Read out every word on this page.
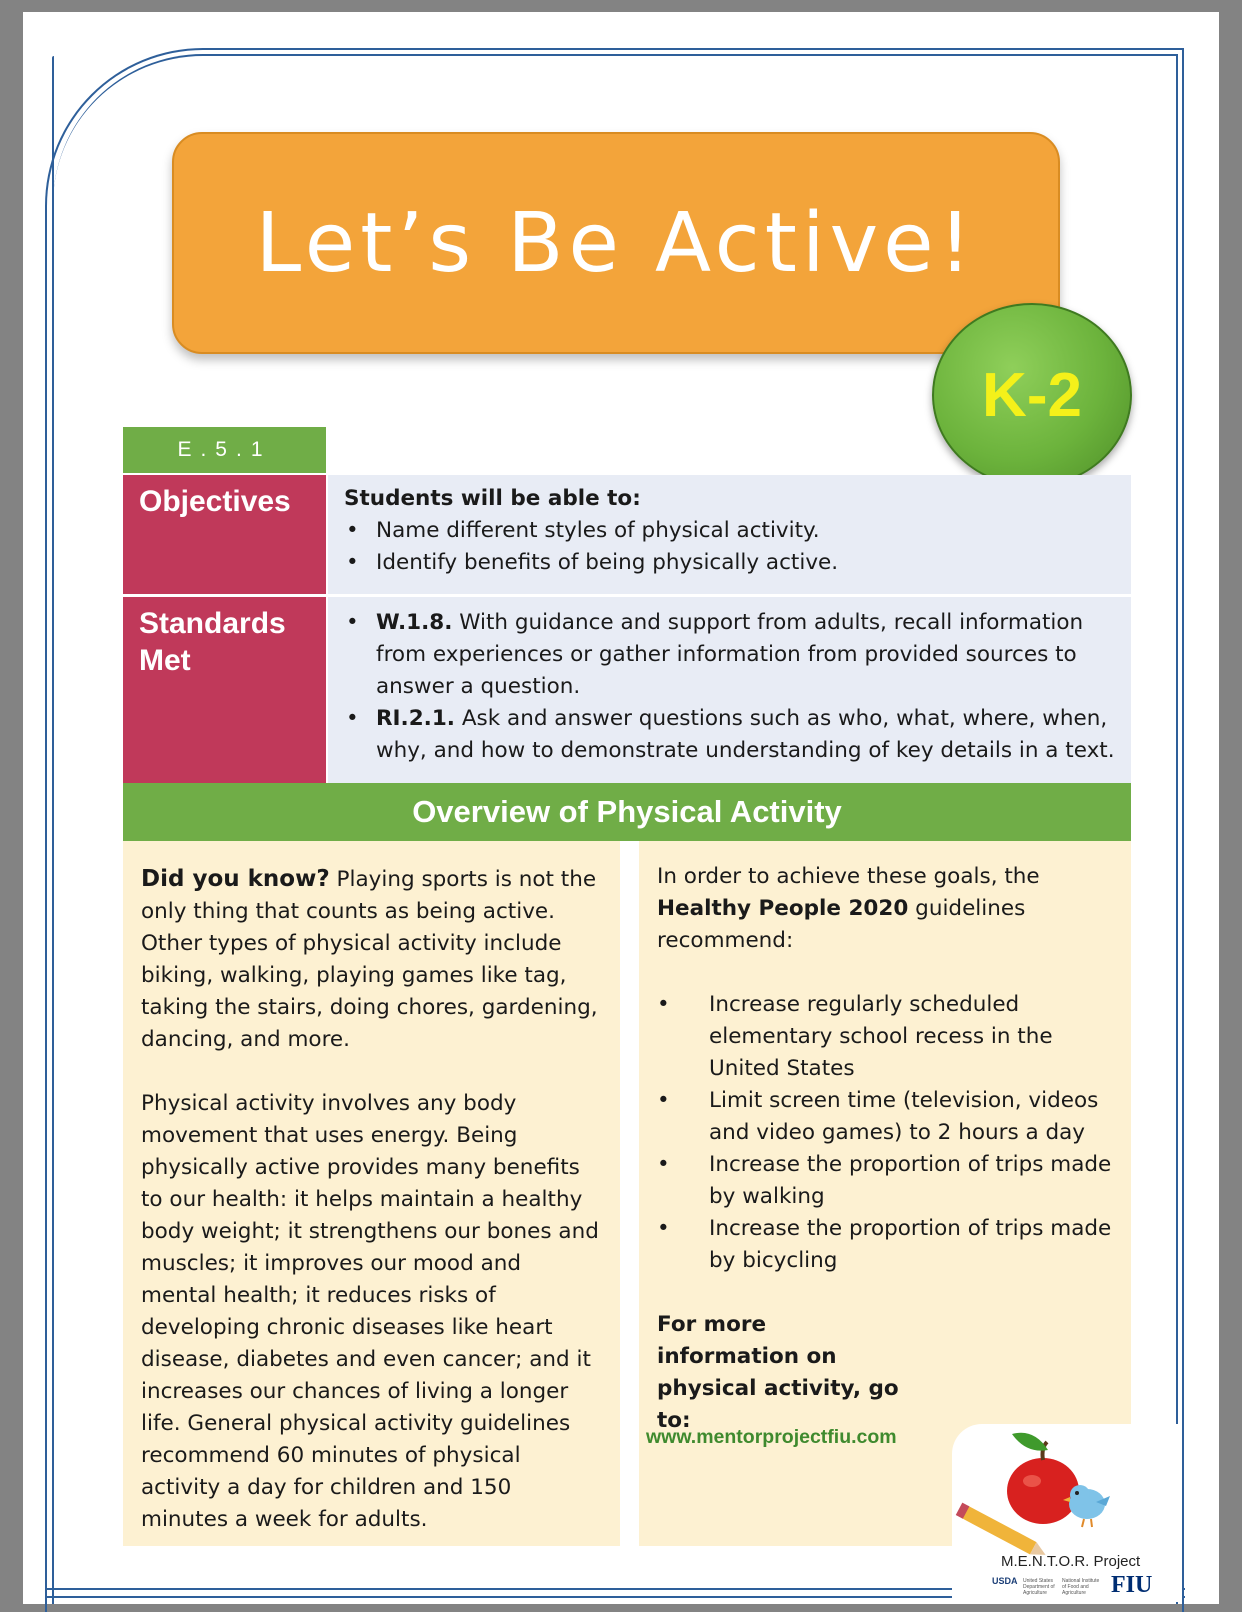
Let’s Be Active!
K-2
E.5.1
Objectives	Students will be able to:
• Name different styles of physical activity.
• Identify benefits of being physically active.
Standards
Met
• W.1.8. With guidance and support from adults, recall information from experiences or gather information from provided sources to answer a question.
• RI.2.1. Ask and answer questions such as who, what, where, when, why, and how to demonstrate understanding of key details in a text.
Overview of Physical Activity

Did you know? Playing sports is not the only thing that counts as being active. Other types of physical activity include biking, walking, playing games like tag, taking the stairs, doing chores, gardening, dancing, and more.

Physical activity involves any body movement that uses energy. Being physically active provides many benefits to our health: it helps maintain a healthy body weight; it strengthens our bones and muscles; it improves our mood and mental health; it reduces risks of developing chronic diseases like heart disease, diabetes and even cancer; and it increases our chances of living a longer life. General physical activity guidelines recommend 60 minutes of physical activity a day for children and 150 minutes a week for adults.

In order to achieve these goals, the Healthy People 2020 guidelines recommend:

• Increase regularly scheduled elementary school recess in the United States
• Limit screen time (television, videos and video games) to 2 hours a day
• Increase the proportion of trips made by walking
• Increase the proportion of trips made by bicycling

For more information on physical activity, go to:

www.mentorprojectfiu.com
M.E.N.T.O.R. Project
USDA United States Department of Agriculture
National Institute of Food and Agriculture	FIU
